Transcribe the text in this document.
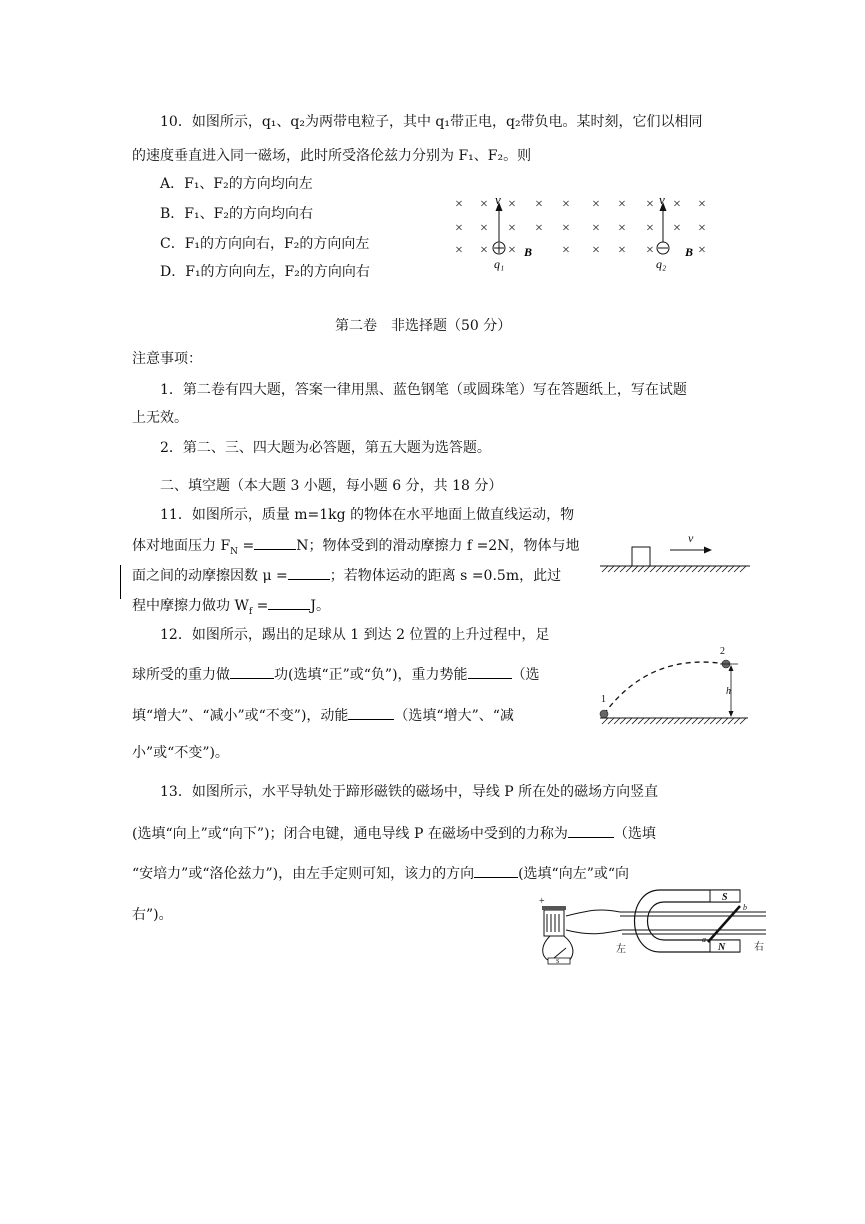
10．如图所示，q₁、q₂为两带电粒子，其中 q₁带正电，q₂带负电。某时刻，它们以相同
的速度垂直进入同一磁场，此时所受洛伦兹力分别为 F₁、F₂。则
A．F₁、F₂的方向均向左
B．F₁、F₂的方向均向右
C．F₁的方向向右，F₂的方向向左
D．F₁的方向向左，F₂的方向向右
× × × × × × × × × ×
× × × × × × × × × ×
× × ×	× × × ×	×
v
B
q₁
v
B
q₂
第二卷　非选择题（50 分）
注意事项：
1．第二卷有四大题，答案一律用黑、蓝色钢笔（或圆珠笔）写在答题纸上，写在试题
上无效。
2．第二、三、四大题为必答题，第五大题为选答题。
二、填空题（本大题 3 小题，每小题 6 分，共 18 分）
11．如图所示，质量 m=1kg 的物体在水平地面上做直线运动，物
体对地面压力 $F_N$ =	N；物体受到的滑动摩擦力 f =2N，物体与地
面之间的动摩擦因数 μ =	；若物体运动的距离 s =0.5m，此过
程中摩擦力做功 $W_f$ =	J。
v
12．如图所示，踢出的足球从 1 到达 2 位置的上升过程中，足
球所受的重力做	功(选填“正”或“负”)，重力势能	（选
填“增大”、“减小”或“不变”)，动能	（选填“增大”、“减
小”或“不变”)。
1
2
h
13．如图所示，水平导轨处于蹄形磁铁的磁场中，导线 P 所在处的磁场方向竖直
(选填“向上”或“向下”)；闭合电键，通电导线 P 在磁场中受到的力称为	（选填
“安培力”或“洛伦兹力”)，由左手定则可知，该力的方向	(选填“向左”或“向
右”)。
+
S
S
N
a
b
左	右
